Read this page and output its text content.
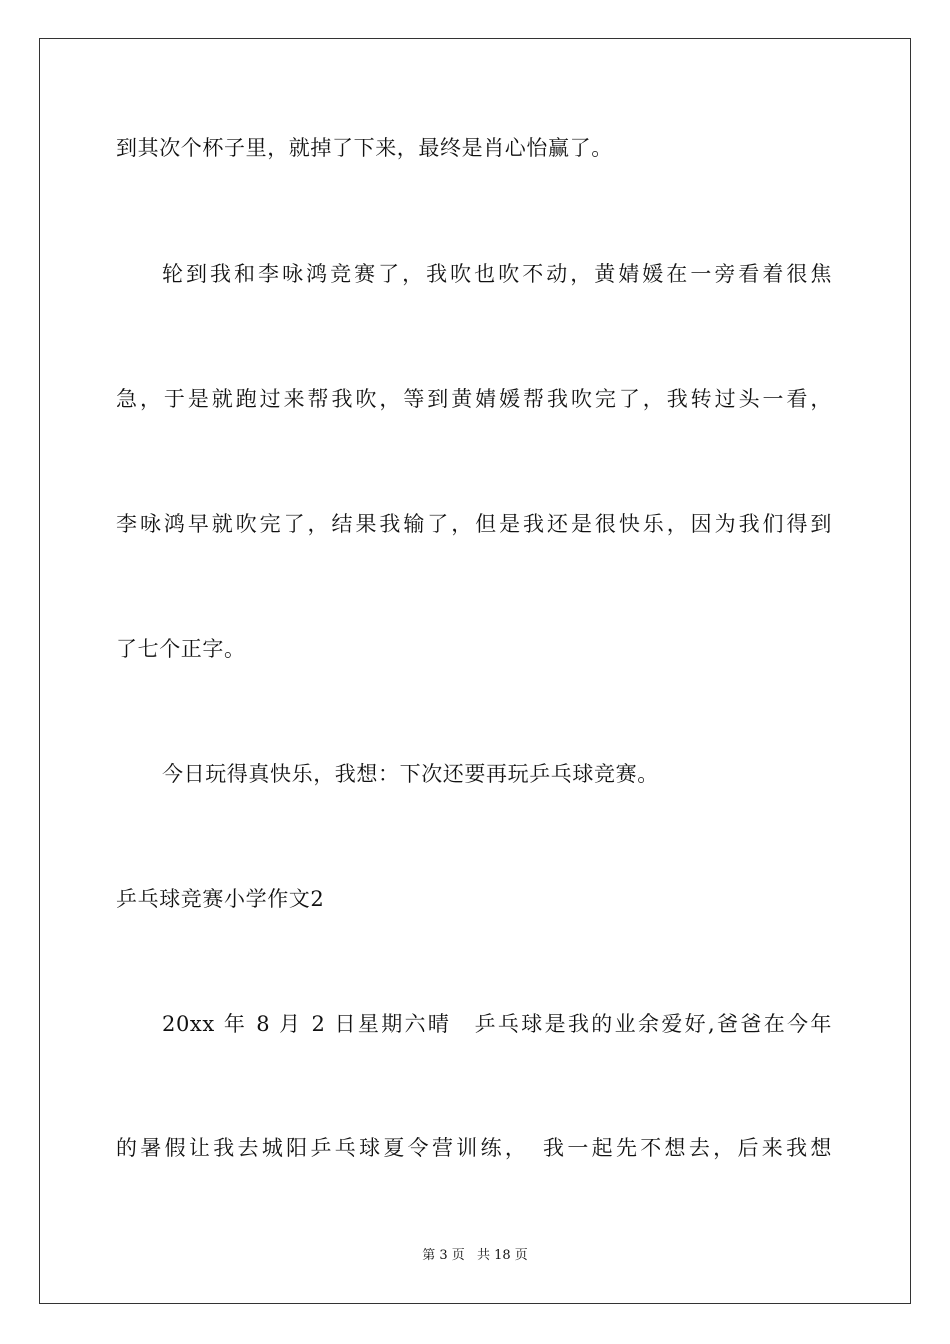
到其次个杯子里，就掉了下来，最终是肖心怡赢了。
轮到我和李咏鸿竞赛了，我吹也吹不动，黄婧媛在一旁看着很焦
急，于是就跑过来帮我吹，等到黄婧媛帮我吹完了，我转过头一看，
李咏鸿早就吹完了，结果我输了，但是我还是很快乐，因为我们得到
了七个正字。
今日玩得真快乐，我想：下次还要再玩乒乓球竞赛。
乒乓球竞赛小学作文2
20xx 年 8 月 2 日星期六晴　乒乓球是我的业余爱好,爸爸在今年
的暑假让我去城阳乒乓球夏令营训练，　我一起先不想去，后来我想
第 3 页 共 18 页
